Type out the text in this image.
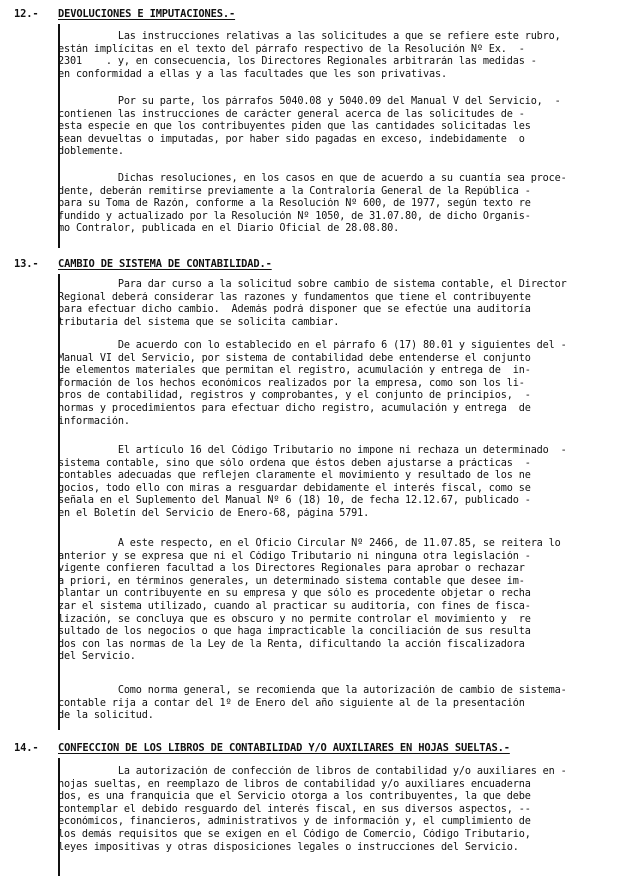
12.- DEVOLUCIONES E IMPUTACIONES.-
Las instrucciones relativas a las solicitudes a que se refiere este rubro,
están implícitas en el texto del párrafo respectivo de la Resolución Nº Ex.  -
2301    . y, en consecuencia, los Directores Regionales arbitrarán las medidas -
en conformidad a ellas y a las facultades que les son privativas.
Por su parte, los párrafos 5040.08 y 5040.09 del Manual V del Servicio,  -
contienen las instrucciones de carácter general acerca de las solicitudes de -
esta especie en que los contribuyentes piden que las cantidades solicitadas les
sean devueltas o imputadas, por haber sido pagadas en exceso, indebidamente  o
doblemente.
Dichas resoluciones, en los casos en que de acuerdo a su cuantía sea proce-
dente, deberán remitirse previamente a la Contraloría General de la República -
para su Toma de Razón, conforme a la Resolución Nº 600, de 1977, según texto re
fundido y actualizado por la Resolución Nº 1050, de 31.07.80, de dicho Organis-
mo Contralor, publicada en el Diario Oficial de 28.08.80.
13.- CAMBIO DE SISTEMA DE CONTABILIDAD.-
Para dar curso a la solicitud sobre cambio de sistema contable, el Director
Regional deberá considerar las razones y fundamentos que tiene el contribuyente
para efectuar dicho cambio.  Además podrá disponer que se efectúe una auditoría
tributaria del sistema que se solicita cambiar.
De acuerdo con lo establecido en el párrafo 6 (17) 80.01 y siguientes del -
Manual VI del Servicio, por sistema de contabilidad debe entenderse el conjunto
de elementos materiales que permitan el registro, acumulación y entrega de  in-
formación de los hechos económicos realizados por la empresa, como son los li-
bros de contabilidad, registros y comprobantes, y el conjunto de principios,  -
normas y procedimientos para efectuar dicho registro, acumulación y entrega  de
información.
El artículo 16 del Código Tributario no impone ni rechaza un determinado  -
sistema contable, sino que sólo ordena que éstos deben ajustarse a prácticas  -
contables adecuadas que reflejen claramente el movimiento y resultado de los ne
gocios, todo ello con miras a resguardar debidamente el interés fiscal, como se
señala en el Suplemento del Manual Nº 6 (18) 10, de fecha 12.12.67, publicado -
en el Boletín del Servicio de Enero-68, página 5791.
A este respecto, en el Oficio Circular Nº 2466, de 11.07.85, se reitera lo
anterior y se expresa que ni el Código Tributario ni ninguna otra legislación -
vigente confieren facultad a los Directores Regionales para aprobar o rechazar
a priori, en términos generales, un determinado sistema contable que desee im-
plantar un contribuyente en su empresa y que sólo es procedente objetar o recha
zar el sistema utilizado, cuando al practicar su auditoría, con fines de fisca-
lización, se concluya que es obscuro y no permite controlar el movimiento y  re
sultado de los negocios o que haga impracticable la conciliación de sus resulta
dos con las normas de la Ley de la Renta, dificultando la acción fiscalizadora
del Servicio.
Como norma general, se recomienda que la autorización de cambio de sistema-
contable rija a contar del 1º de Enero del año siguiente al de la presentación
de la solicitud.
14.- CONFECCION DE LOS LIBROS DE CONTABILIDAD Y/O AUXILIARES EN HOJAS SUELTAS.-
La autorización de confección de libros de contabilidad y/o auxiliares en -
hojas sueltas, en reemplazo de libros de contabilidad y/o auxiliares encuaderna
dos, es una franquicia que el Servicio otorga a los contribuyentes, la que debe
contemplar el debido resguardo del interés fiscal, en sus diversos aspectos, --
económicos, financieros, administrativos y de información y, el cumplimiento de
los demás requisitos que se exigen en el Código de Comercio, Código Tributario,
leyes impositivas y otras disposiciones legales o instrucciones del Servicio.
